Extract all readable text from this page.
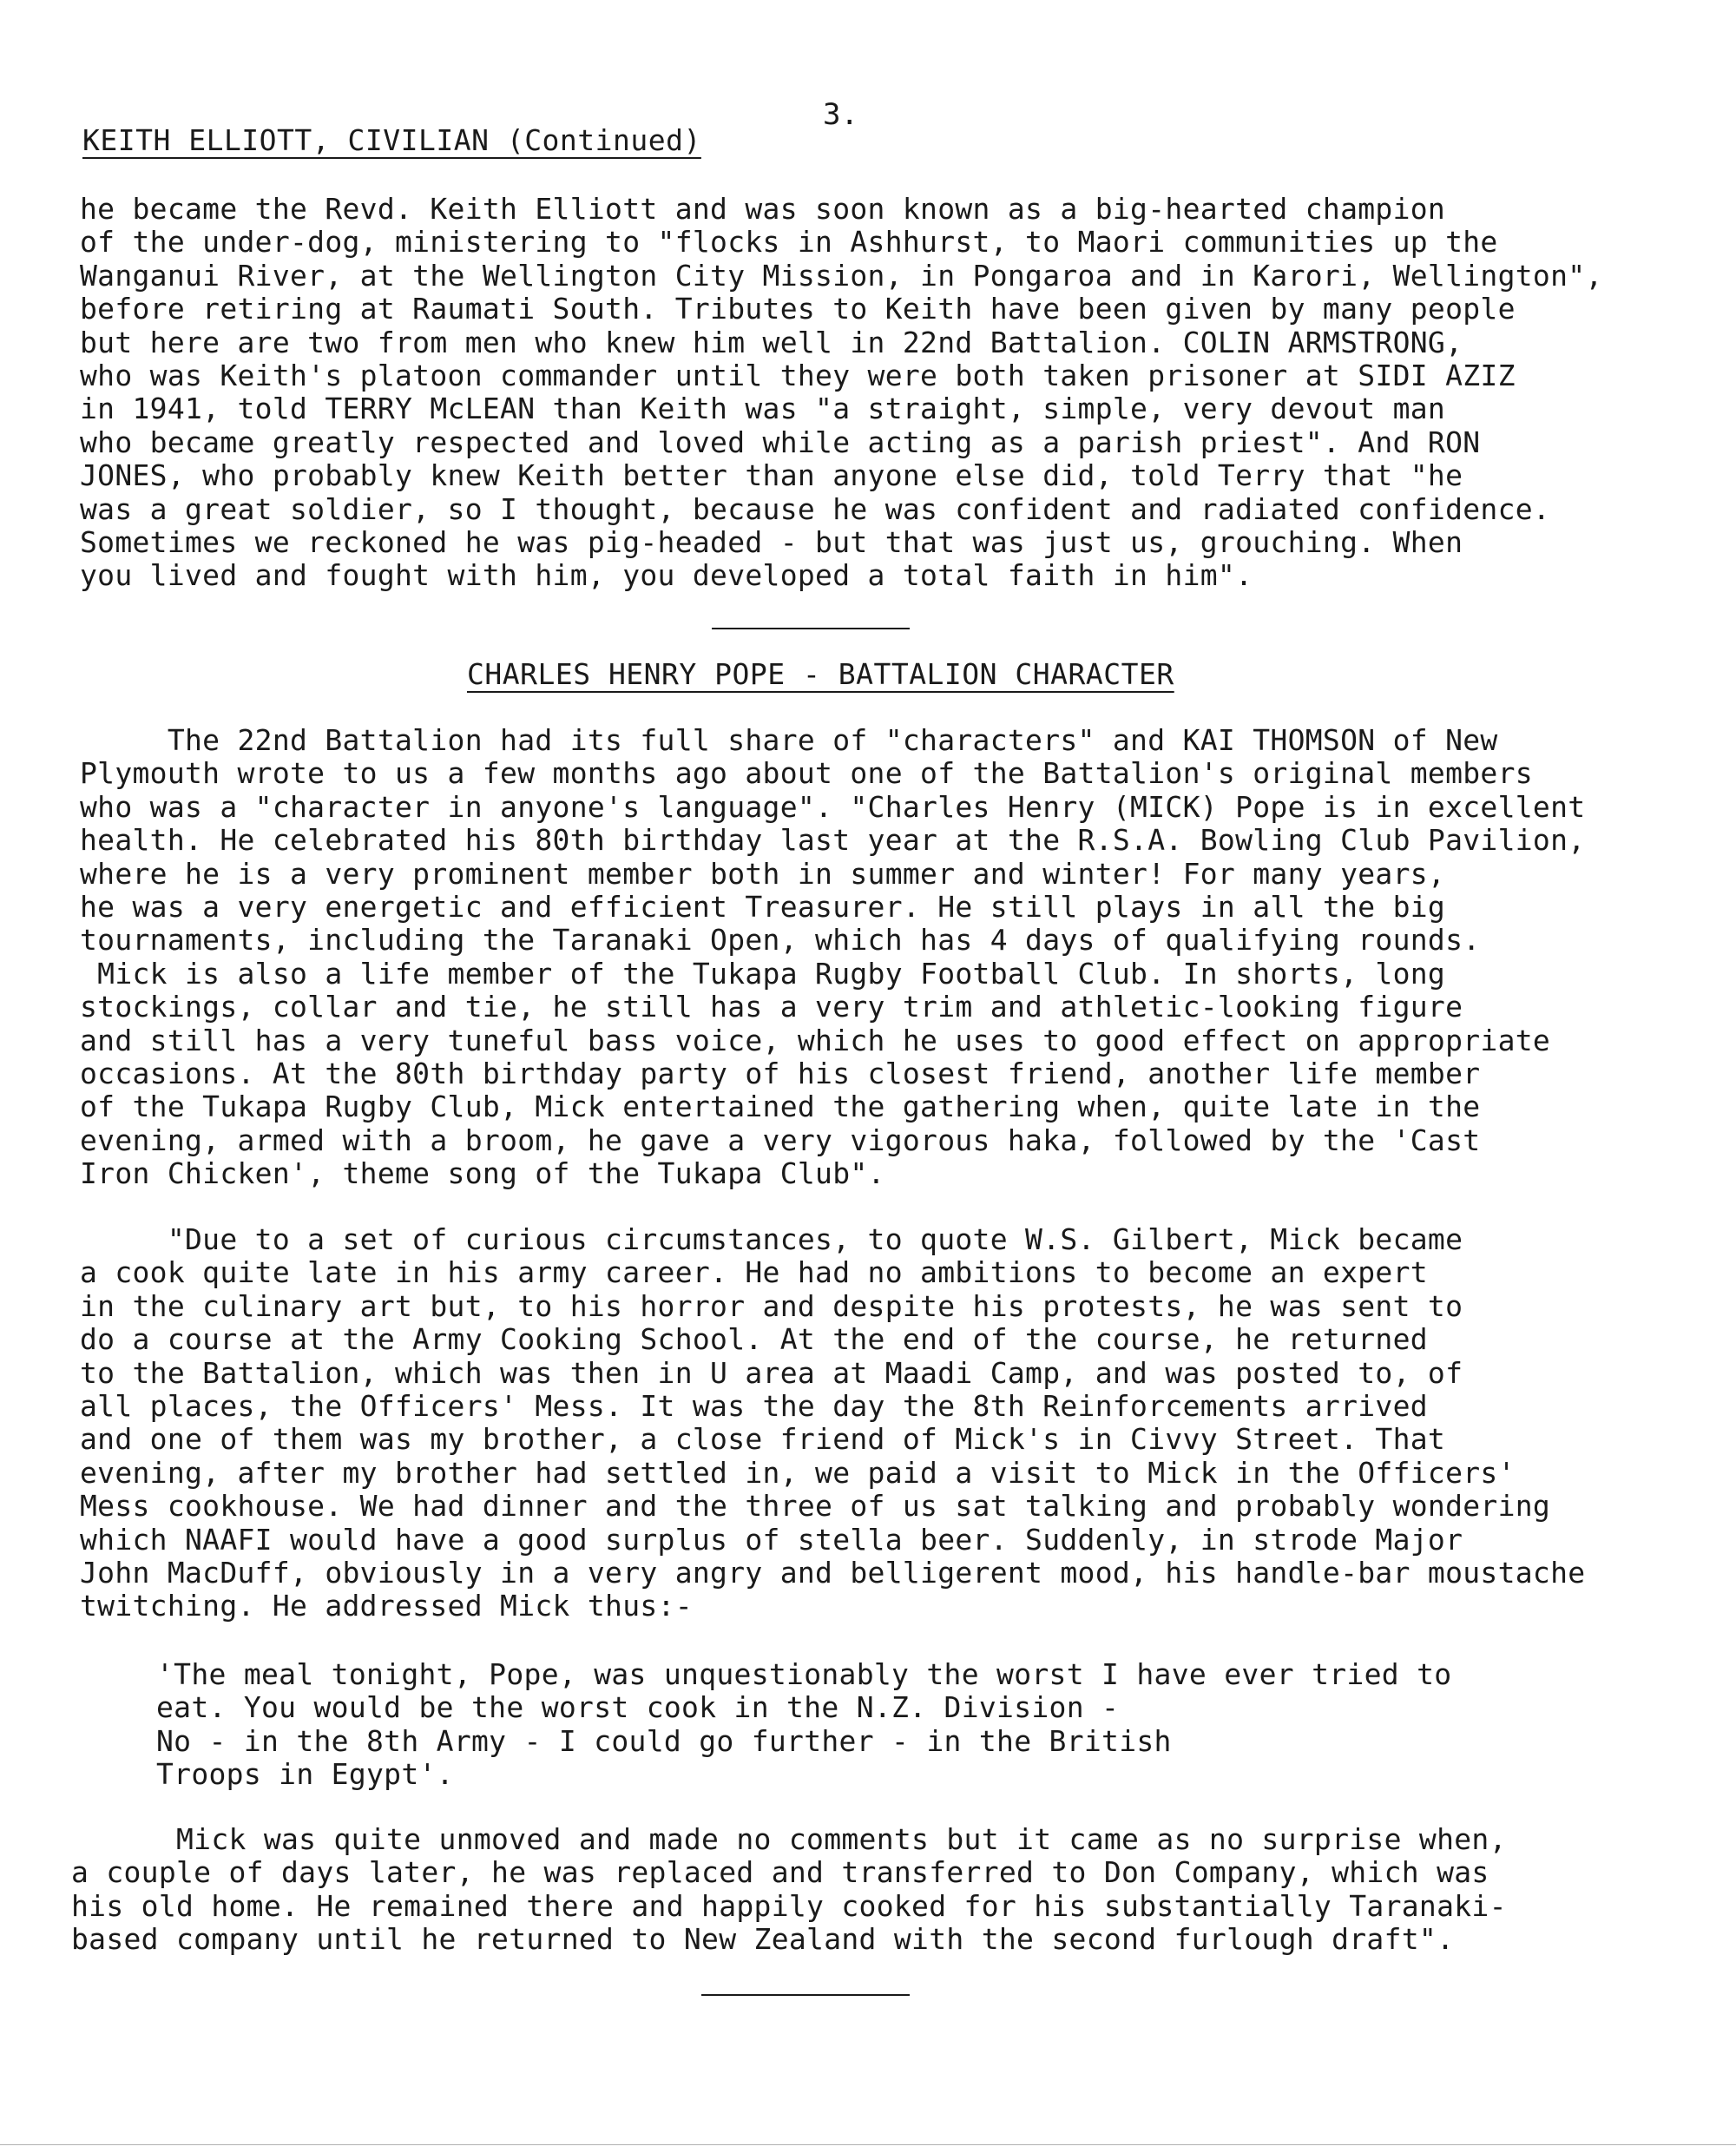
3.
KEITH ELLIOTT, CIVILIAN (Continued)
he became the Revd. Keith Elliott and was soon known as a big-hearted champion
of the under-dog, ministering to "flocks in Ashhurst, to Maori communities up the
Wanganui River, at the Wellington City Mission, in Pongaroa and in Karori, Wellington",
before retiring at Raumati South. Tributes to Keith have been given by many people
but here are two from men who knew him well in 22nd Battalion. COLIN ARMSTRONG,
who was Keith's platoon commander until they were both taken prisoner at SIDI AZIZ
in 1941, told TERRY McLEAN than Keith was "a straight, simple, very devout man
who became greatly respected and loved while acting as a parish priest". And RON
JONES, who probably knew Keith better than anyone else did, told Terry that "he
was a great soldier, so I thought, because he was confident and radiated confidence.
Sometimes we reckoned he was pig-headed - but that was just us, grouching. When
you lived and fought with him, you developed a total faith in him".
CHARLES HENRY POPE - BATTALION CHARACTER
The 22nd Battalion had its full share of "characters" and KAI THOMSON of New
Plymouth wrote to us a few months ago about one of the Battalion's original members
who was a "character in anyone's language". "Charles Henry (MICK) Pope is in excellent
health. He celebrated his 80th birthday last year at the R.S.A. Bowling Club Pavilion,
where he is a very prominent member both in summer and winter! For many years,
he was a very energetic and efficient Treasurer. He still plays in all the big
tournaments, including the Taranaki Open, which has 4 days of qualifying rounds.
Mick is also a life member of the Tukapa Rugby Football Club. In shorts, long
stockings, collar and tie, he still has a very trim and athletic-looking figure
and still has a very tuneful bass voice, which he uses to good effect on appropriate
occasions. At the 80th birthday party of his closest friend, another life member
of the Tukapa Rugby Club, Mick entertained the gathering when, quite late in the
evening, armed with a broom, he gave a very vigorous haka, followed by the 'Cast
Iron Chicken', theme song of the Tukapa Club".
"Due to a set of curious circumstances, to quote W.S. Gilbert, Mick became
a cook quite late in his army career. He had no ambitions to become an expert
in the culinary art but, to his horror and despite his protests, he was sent to
do a course at the Army Cooking School. At the end of the course, he returned
to the Battalion, which was then in U area at Maadi Camp, and was posted to, of
all places, the Officers' Mess. It was the day the 8th Reinforcements arrived
and one of them was my brother, a close friend of Mick's in Civvy Street. That
evening, after my brother had settled in, we paid a visit to Mick in the Officers'
Mess cookhouse. We had dinner and the three of us sat talking and probably wondering
which NAAFI would have a good surplus of stella beer. Suddenly, in strode Major
John MacDuff, obviously in a very angry and belligerent mood, his handle-bar moustache
twitching. He addressed Mick thus:-
'The meal tonight, Pope, was unquestionably the worst I have ever tried to
eat. You would be the worst cook in the N.Z. Division -
No - in the 8th Army - I could go further - in the British
Troops in Egypt'.
Mick was quite unmoved and made no comments but it came as no surprise when,
a couple of days later, he was replaced and transferred to Don Company, which was
his old home. He remained there and happily cooked for his substantially Taranaki-
based company until he returned to New Zealand with the second furlough draft".
